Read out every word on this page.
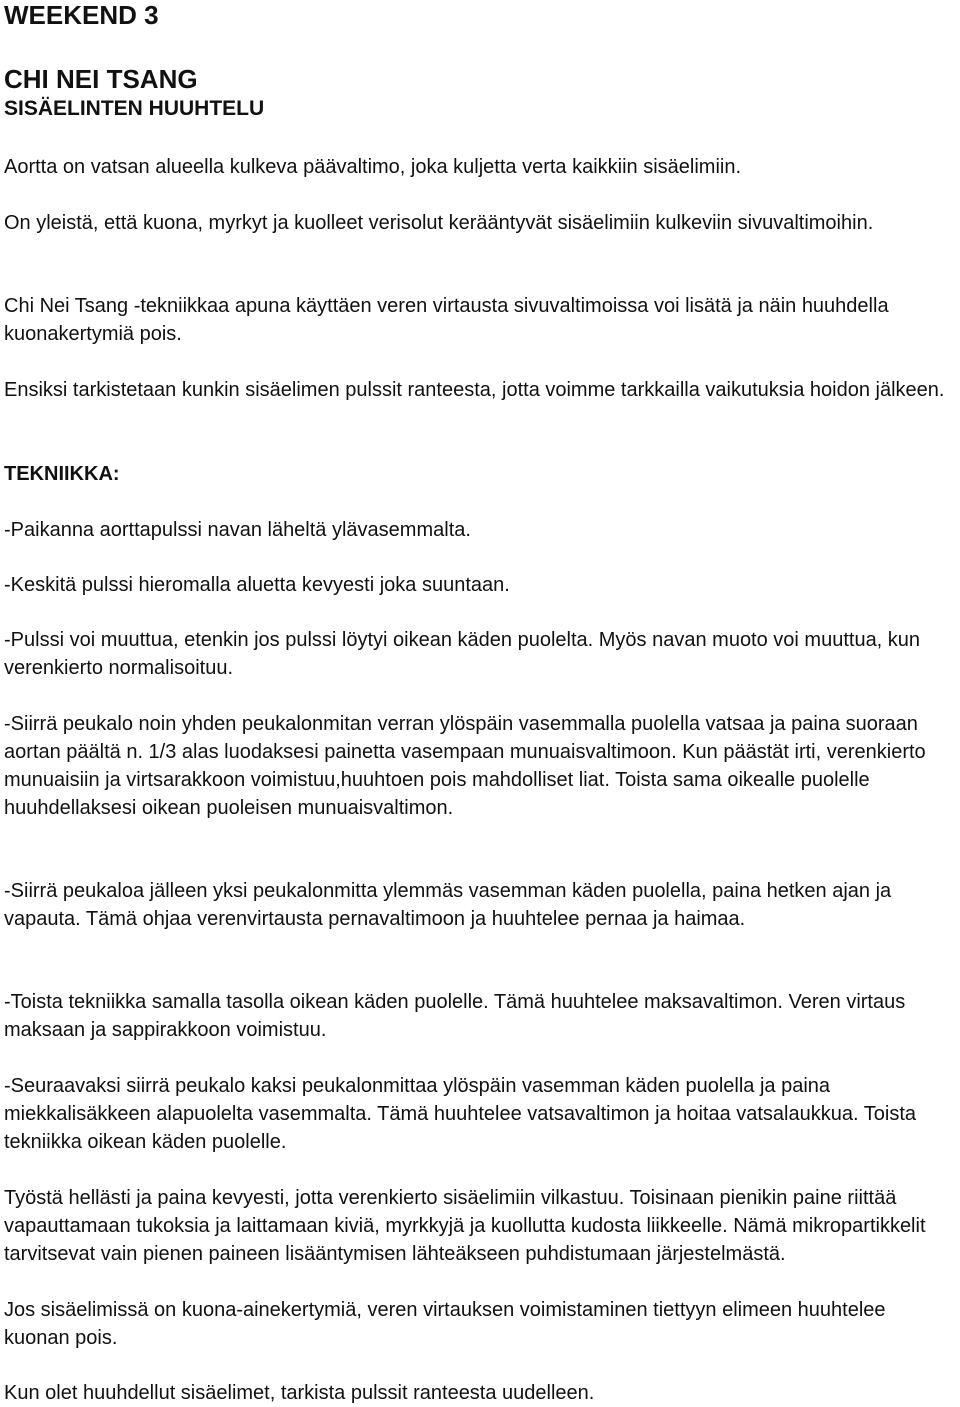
WEEKEND 3
CHI NEI TSANG
SISÄELINTEN HUUHTELU

Aortta on vatsan alueella kulkeva päävaltimo, joka kuljetta verta kaikkiin sisäelimiin.

On yleistä, että kuona, myrkyt ja kuolleet verisolut kerääntyvät sisäelimiin kulkeviin sivuvaltimoihin.

Chi Nei Tsang -tekniikkaa apuna käyttäen veren virtausta sivuvaltimoissa voi lisätä ja näin huuhdella kuonakertymiä pois.

Ensiksi tarkistetaan kunkin sisäelimen pulssit ranteesta, jotta voimme tarkkailla vaikutuksia hoidon jälkeen.

TEKNIIKKA:

-Paikanna aorttapulssi navan läheltä ylävasemmalta.

-Keskitä pulssi hieromalla aluetta kevyesti joka suuntaan.

-Pulssi voi muuttua, etenkin jos pulssi löytyi oikean käden puolelta. Myös navan muoto voi muuttua, kun verenkierto normalisoituu.

-Siirrä peukalo noin yhden peukalonmitan verran ylöspäin vasemmalla puolella vatsaa ja paina suoraan aortan päältä n. 1/3 alas luodaksesi painetta vasempaan munuaisvaltimoon. Kun päästät irti, verenkierto munuaisiin ja virtsarakkoon voimistuu,huuhtoen pois mahdolliset liat. Toista sama oikealle puolelle huuhdellaksesi oikean puoleisen munuaisvaltimon.

-Siirrä peukaloa jälleen yksi peukalonmitta ylemmäs vasemman käden puolella, paina hetken ajan ja vapauta. Tämä ohjaa verenvirtausta pernavaltimoon ja huuhtelee pernaa ja haimaa.

-Toista tekniikka samalla tasolla oikean käden puolelle. Tämä huuhtelee maksavaltimon. Veren virtaus maksaan ja sappirakkoon voimistuu.

-Seuraavaksi siirrä peukalo kaksi peukalonmittaa ylöspäin vasemman käden puolella ja paina miekkalisäkkeen alapuolelta vasemmalta. Tämä huuhtelee vatsavaltimon ja hoitaa vatsalaukkua. Toista tekniikka oikean käden puolelle.

Työstä hellästi ja paina kevyesti, jotta verenkierto sisäelimiin vilkastuu. Toisinaan pienikin paine riittää vapauttamaan tukoksia ja laittamaan kiviä, myrkkyjä ja kuollutta kudosta liikkeelle. Nämä mikropartikkelit tarvitsevat vain pienen paineen lisääntymisen lähteäkseen puhdistumaan järjestelmästä.

Jos sisäelimissä on kuona-ainekertymiä, veren virtauksen voimistaminen tiettyyn elimeen huuhtelee kuonan pois.

Kun olet huuhdellut sisäelimet, tarkista pulssit ranteesta uudelleen.
